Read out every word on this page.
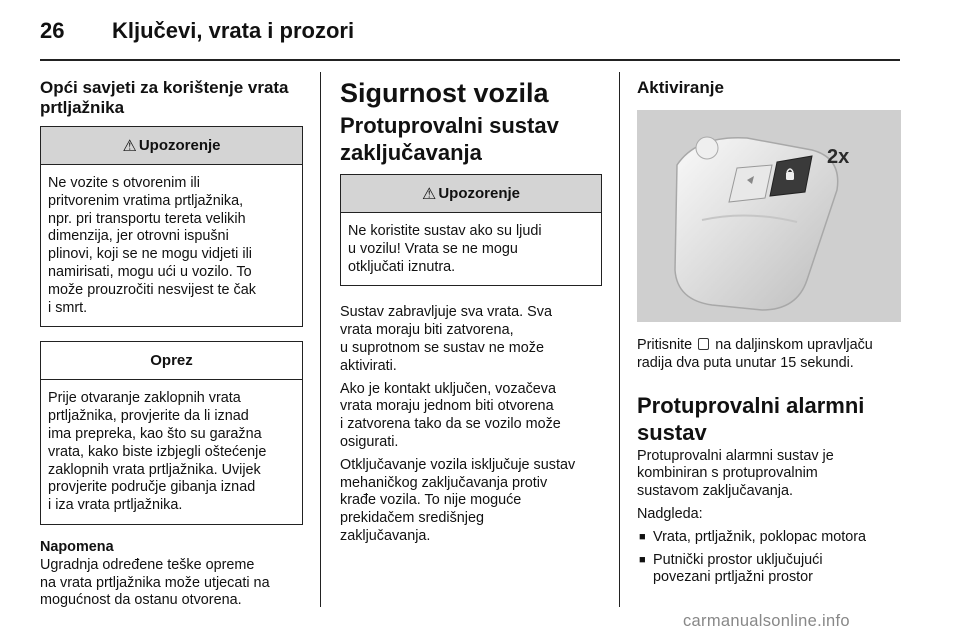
26 Ključevi, vrata i prozori
Opći savjeti za korištenje vrata prtljažnika
⚠ Upozorenje
Ne vozite s otvorenim ili
pritvorenim vratima prtljažnika,
npr. pri transportu tereta velikih
dimenzija, jer otrovni ispušni
plinovi, koji se ne mogu vidjeti ili
namirisati, mogu ući u vozilo. To
može prouzročiti nesvijest te čak
i smrt.
Oprez
Prije otvaranje zaklopnih vrata
prtljažnika, provjerite da li iznad
ima prepreka, kao što su garažna
vrata, kako biste izbjegli oštećenje
zaklopnih vrata prtljažnika. Uvijek
provjerite područje gibanja iznad
i iza vrata prtljažnika.
Napomena
Ugradnja određene teške opreme
na vrata prtljažnika može utjecati na
mogućnost da ostanu otvorena.
Sigurnost vozila
Protuprovalni sustav zaključavanja
⚠ Upozorenje
Ne koristite sustav ako su ljudi
u vozilu! Vrata se ne mogu
otključati iznutra.
Sustav zabravljuje sva vrata. Sva
vrata moraju biti zatvorena,
u suprotnom se sustav ne može
aktivirati.
Ako je kontakt uključen, vozačeva
vrata moraju jednom biti otvorena
i zatvorena tako da se vozilo može
osigurati.
Otključavanje vozila isključuje sustav
mehaničkog zaključavanja protiv
krađe vozila. To nije moguće
prekidačem središnjeg
zaključavanja.
Aktiviranje
2x
Pritisnite na daljinskom upravljaču
radija dva puta unutar 15 sekundi.
Protuprovalni alarmni sustav
Protuprovalni alarmni sustav je
kombiniran s protuprovalnim
sustavom zaključavanja.
Nadgleda:
■ Vrata, prtljažnik, poklopac motora
■ Putnički prostor uključujući
povezani prtljažni prostor
carmanualsonline.info
